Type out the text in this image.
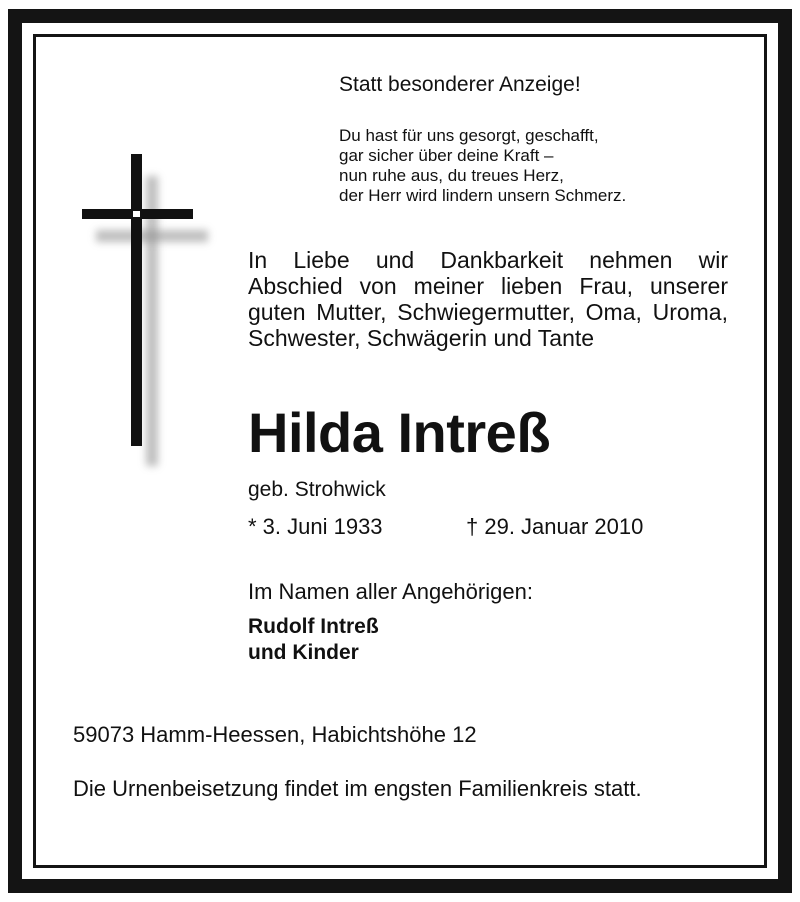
Statt besonderer Anzeige!
Du hast für uns gesorgt, geschafft,
gar sicher über deine Kraft –
nun ruhe aus, du treues Herz,
der Herr wird lindern unsern Schmerz.
In Liebe und Dankbarkeit nehmen wir Abschied von meiner lieben Frau, unserer guten Mutter, Schwiegermutter, Oma, Uroma, Schwester, Schwägerin und Tante
Hilda Intreß
geb. Strohwick
* 3. Juni 1933	† 29. Januar 2010
Im Namen aller Angehörigen:
Rudolf Intreß
und Kinder
59073 Hamm-Heessen, Habichtshöhe 12
Die Urnenbeisetzung findet im engsten Familienkreis statt.
